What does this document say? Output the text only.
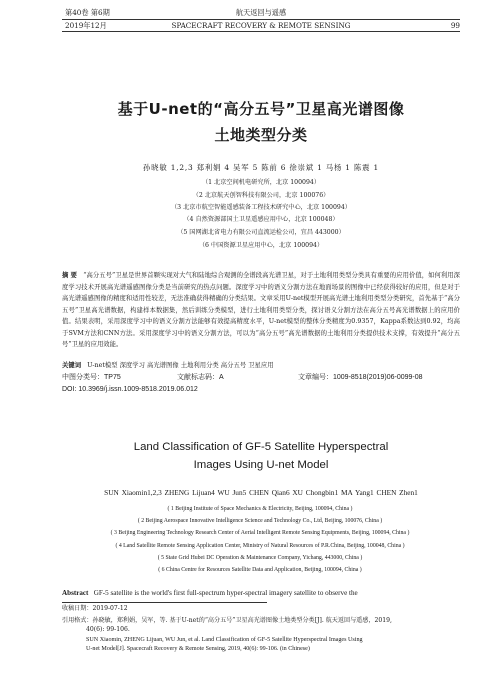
第40卷 第6期	航天返回与遥感
2019年12月	SPACECRAFT RECOVERY & REMOTE SENSING	99
基于U-net的“高分五号”卫星高光谱图像
土地类型分类
孙晓敏 1,2,3 郑利娟 4 吴军 5 陈前 6 徐崇斌 1 马杨 1 陈震 1
（1 北京空间机电研究所，北京 100094）
（2 北京航天创智科技有限公司，北京 100076）
（3 北京市航空智能遥感装备工程技术研究中心，北京 100094）
（4 自然资源部国土卫星遥感应用中心，北京 100048）
（5 国网湖北省电力有限公司直流运检公司，宜昌 443000）
（6 中国资源卫星应用中心，北京 100094）
摘 要 “高分五号”卫星是世界首颗实现对大气和陆地综合观测的全谱段高光谱卫星，对于土地利用类型分类具有重要的应用价值，如何利用深度学习技术开展高光谱遥感图像分类是当前研究的热点问题。深度学习中的语义分割方法在地面场景的图像中已经获得较好的应用，但是对于高光谱遥感图像的精度和适用性较差，无法准确获得精确的分类结果。文章采用U-net模型开展高光谱土地利用类型分类研究，首先基于“高分五号”卫星高光谱数据，构建样本数据集，然后训练分类模型，进行土地利用类型分类，探讨语义分割方法在高分五号高光谱数据上的应用价值。结果表明，采用深度学习中的语义分割方法能够有效提高精度水平，U-net模型的整体分类精度为0.9357，Kappa系数达到0.92，均高于SVM方法和CNN方法。采用深度学习中的语义分割方法，可以为“高分五号”高光谱数据的土地利用分类提供技术支撑，有效提升“高分五号”卫星的应用效能。
关键词 U-net模型 深度学习 高光谱图像 土地利用分类 高分五号 卫星应用
中图分类号：TP75	文献标志码：A	文章编号：1009-8518(2019)06-0099-08
DOI: 10.3969/j.issn.1009-8518.2019.06.012
Land Classification of GF-5 Satellite Hyperspectral
Images Using U-net Model
SUN Xiaomin1,2,3 ZHENG Lijuan4 WU Jun5 CHEN Qian6 XU Chongbin1 MA Yang1 CHEN Zhen1
( 1 Beijing Institute of Space Mechanics & Electricity, Beijing, 100094, China )
( 2 Beijing Aerospace Innovative Intelligence Science and Technology Co., Ltd, Beijing, 100076, China )
( 3 Beijing Engineering Technology Research Center of Aerial Intelligent Remote Sensing Equipments, Beijing, 100094, China )
( 4 Land Satellite Remote Sensing Application Center, Ministry of Natural Resources of P.R.China, Beijing, 100048, China )
( 5 State Grid Hubei DC Operation & Maintenance Company, Yichang, 443000, China )
( 6 China Centre for Resources Satellite Data and Application, Beijing, 100094, China )
Abstract GF-5 satellite is the world's first full-spectrum hyper-spectral imagery satellite to observe the
收稿日期：2019-07-12
引用格式：孙晓敏，郑利娟，吴军，等. 基于U-net的“高分五号”卫星高光谱图像土地类型分类[J]. 航天返回与遥感，2019,
40(6): 99-106.
SUN Xiaomin, ZHENG Lijuan, WU Jun, et al. Land Classification of GF-5 Satellite Hyperspectral Images Using
U-net Model[J]. Spacecraft Recovery & Remote Sensing, 2019, 40(6): 99-106. (in Chinese)
